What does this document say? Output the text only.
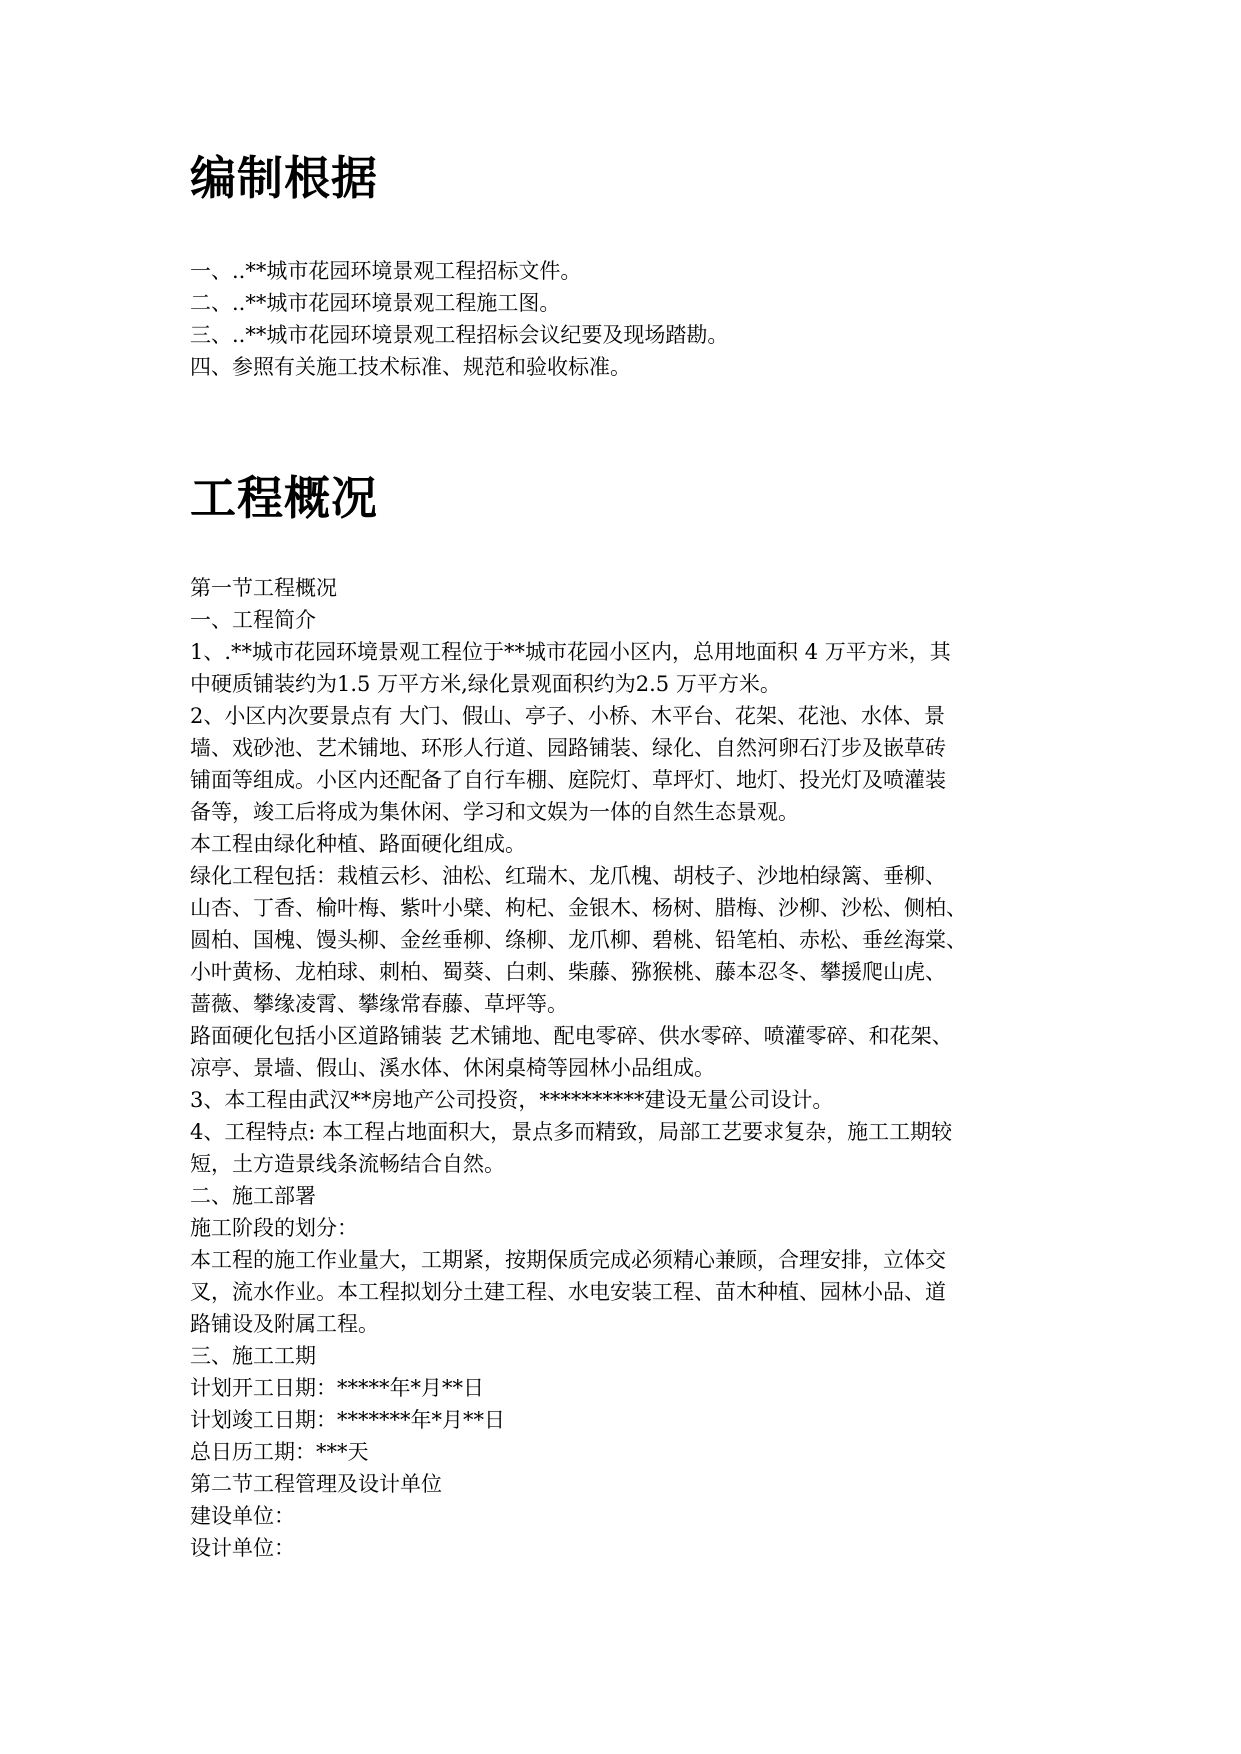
编制根据
一、..**城市花园环境景观工程招标文件。
二、..**城市花园环境景观工程施工图。
三、..**城市花园环境景观工程招标会议纪要及现场踏勘。
四、参照有关施工技术标准、规范和验收标准。
工程概况
第一节工程概况
一、工程简介
1、.**城市花园环境景观工程位于**城市花园小区内，总用地面积 4 万平方米，其
中硬质铺装约为1.5 万平方米,绿化景观面积约为2.5 万平方米。
2、小区内次要景点有 大门、假山、亭子、小桥、木平台、花架、花池、水体、景
墙、戏砂池、艺术铺地、环形人行道、园路铺装、绿化、自然河卵石汀步及嵌草砖
铺面等组成。小区内还配备了自行车棚、庭院灯、草坪灯、地灯、投光灯及喷灌装
备等，竣工后将成为集休闲、学习和文娱为一体的自然生态景观。
本工程由绿化种植、路面硬化组成。
绿化工程包括：栽植云杉、油松、红瑞木、龙爪槐、胡枝子、沙地柏绿篱、垂柳、
山杏、丁香、榆叶梅、紫叶小檗、枸杞、金银木、杨树、腊梅、沙柳、沙松、侧柏、
圆柏、国槐、馒头柳、金丝垂柳、绦柳、龙爪柳、碧桃、铅笔柏、赤松、垂丝海棠、
小叶黄杨、龙柏球、刺柏、蜀葵、白刺、柴藤、猕猴桃、藤本忍冬、攀援爬山虎、
蔷薇、攀缘凌霄、攀缘常春藤、草坪等。
路面硬化包括小区道路铺装 艺术铺地、配电零碎、供水零碎、喷灌零碎、和花架、
凉亭、景墙、假山、溪水体、休闲桌椅等园林小品组成。
3、本工程由武汉**房地产公司投资，**********建设无量公司设计。
4、工程特点: 本工程占地面积大，景点多而精致，局部工艺要求复杂，施工工期较
短，土方造景线条流畅结合自然。
二、施工部署
施工阶段的划分：
本工程的施工作业量大，工期紧，按期保质完成必须精心兼顾，合理安排，立体交
叉，流水作业。本工程拟划分土建工程、水电安装工程、苗木种植、园林小品、道
路铺设及附属工程。
三、施工工期
计划开工日期：*****年*月**日
计划竣工日期：*******年*月**日
总日历工期：***天
第二节工程管理及设计单位
建设单位：
设计单位：
